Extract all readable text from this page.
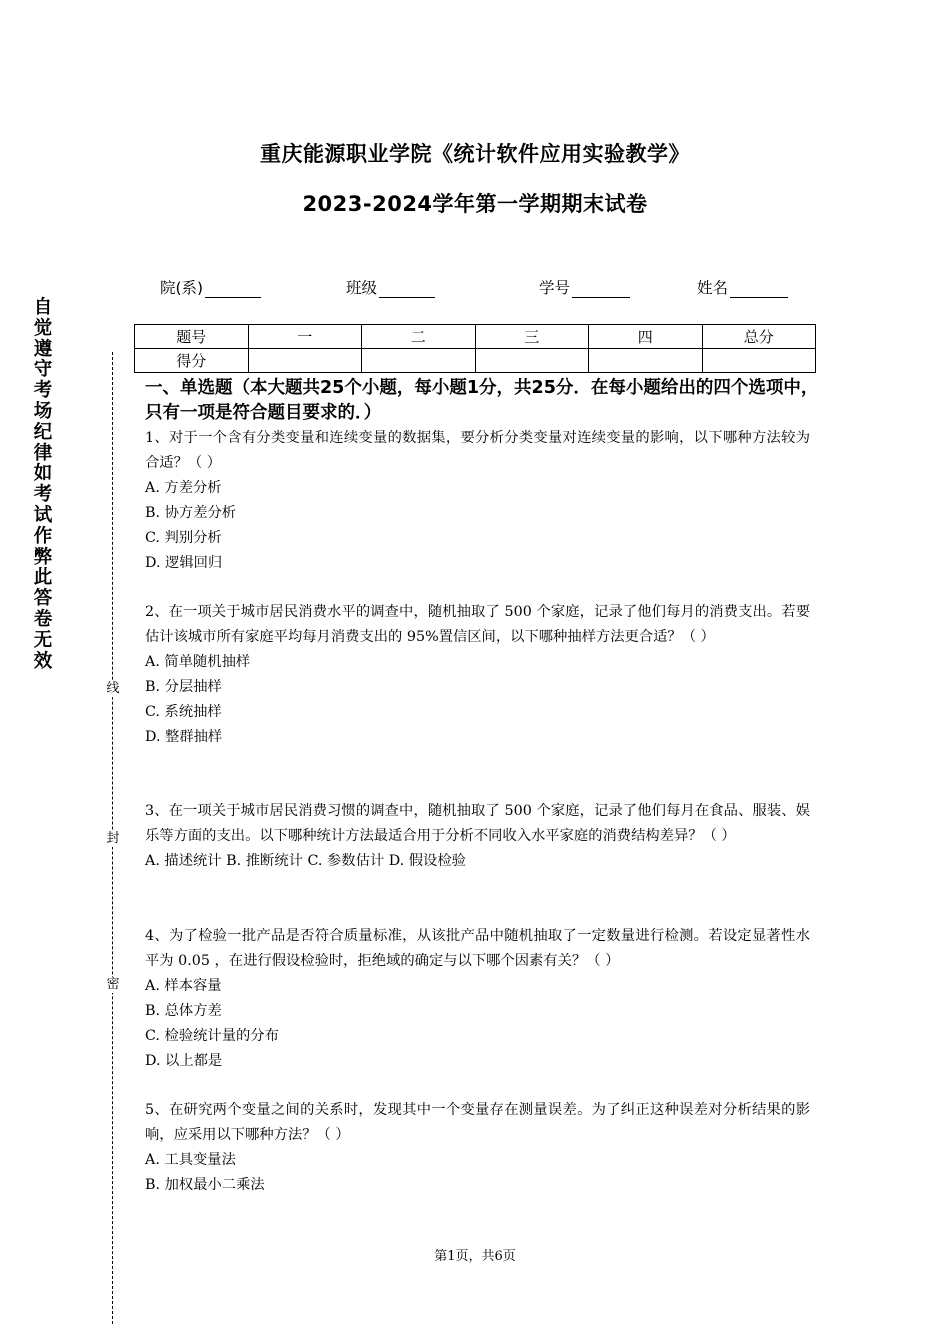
重庆能源职业学院《统计软件应用实验教学》
2023-2024学年第一学期期末试卷
自
觉
遵
守
考
场
纪
律
如
考
试
作
弊
此
答
卷
无
效
线
封
密
院(系)	班级	学号	姓名
题号	一	二	三	四	总分
得分					
一、单选题（本大题共25个小题，每小题1分，共25分．在每小题给出的四个选项中，只有一项是符合题目要求的．）
1、对于一个含有分类变量和连续变量的数据集，要分析分类变量对连续变量的影响，以下哪种方法较为合适？（ ）
A. 方差分析
B. 协方差分析
C. 判别分析
D. 逻辑回归
2、在一项关于城市居民消费水平的调查中，随机抽取了 500 个家庭，记录了他们每月的消费支出。若要估计该城市所有家庭平均每月消费支出的 95%置信区间，以下哪种抽样方法更合适？（ ）
A. 简单随机抽样
B. 分层抽样
C. 系统抽样
D. 整群抽样
3、在一项关于城市居民消费习惯的调查中，随机抽取了 500 个家庭，记录了他们每月在食品、服装、娱乐等方面的支出。以下哪种统计方法最适合用于分析不同收入水平家庭的消费结构差异？（ ）
A. 描述统计 B. 推断统计 C. 参数估计 D. 假设检验
4、为了检验一批产品是否符合质量标准，从该批产品中随机抽取了一定数量进行检测。若设定显著性水平为 0.05 ，在进行假设检验时，拒绝域的确定与以下哪个因素有关？（ ）
A. 样本容量
B. 总体方差
C. 检验统计量的分布
D. 以上都是
5、在研究两个变量之间的关系时，发现其中一个变量存在测量误差。为了纠正这种误差对分析结果的影响，应采用以下哪种方法？（ ）
A. 工具变量法
B. 加权最小二乘法
第1页，共6页
